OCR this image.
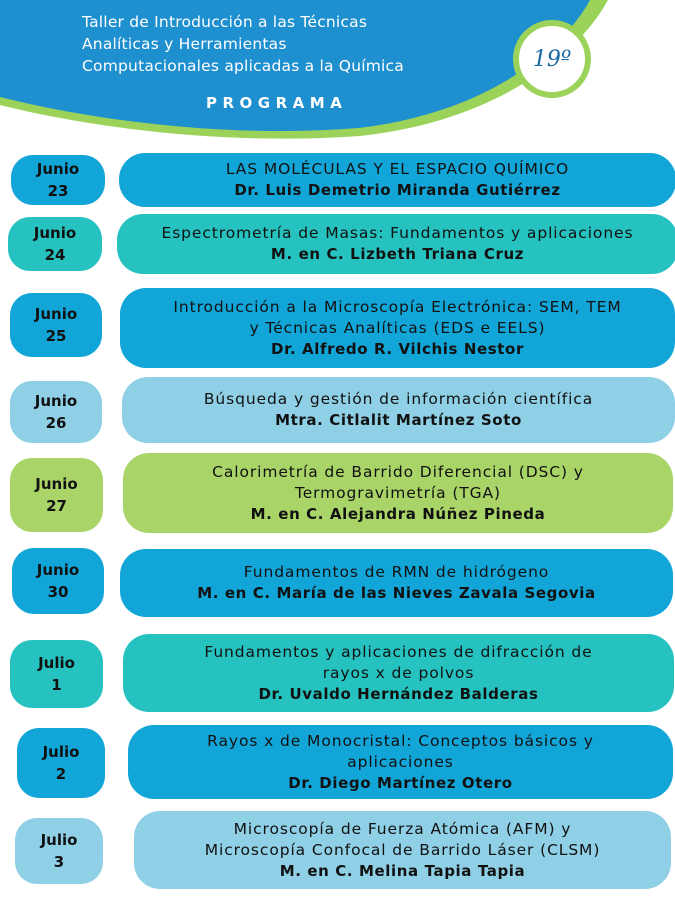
Taller de Introducción a las Técnicas
Analíticas y Herramientas
Computacionales aplicadas a la Química
PROGRAMA
19º
Junio
23
LAS MOLÉCULAS Y EL ESPACIO QUÍMICO
Dr. Luis Demetrio Miranda Gutiérrez
Junio
24
Espectrometría de Masas: Fundamentos y aplicaciones
M. en C. Lizbeth Triana Cruz
Junio
25
Introducción a la Microscopía Electrónica: SEM, TEM
y Técnicas Analíticas (EDS e EELS)
Dr. Alfredo R. Vilchis Nestor
Junio
26
Búsqueda y gestión de información científica
Mtra. Citlalit Martínez Soto
Junio
27
Calorimetría de Barrido Diferencial (DSC) y
Termogravimetría (TGA)
M. en C. Alejandra Núñez Pineda
Junio
30
Fundamentos de RMN de hidrógeno
M. en C. María de las Nieves Zavala Segovia
Julio
1
Fundamentos y aplicaciones de difracción de
rayos x de polvos
Dr. Uvaldo Hernández Balderas
Julio
2
Rayos x de Monocristal: Conceptos básicos y
aplicaciones
Dr. Diego Martínez Otero
Julio
3
Microscopía de Fuerza Atómica (AFM) y
Microscopía Confocal de Barrido Láser (CLSM)
M. en C. Melina Tapia Tapia
